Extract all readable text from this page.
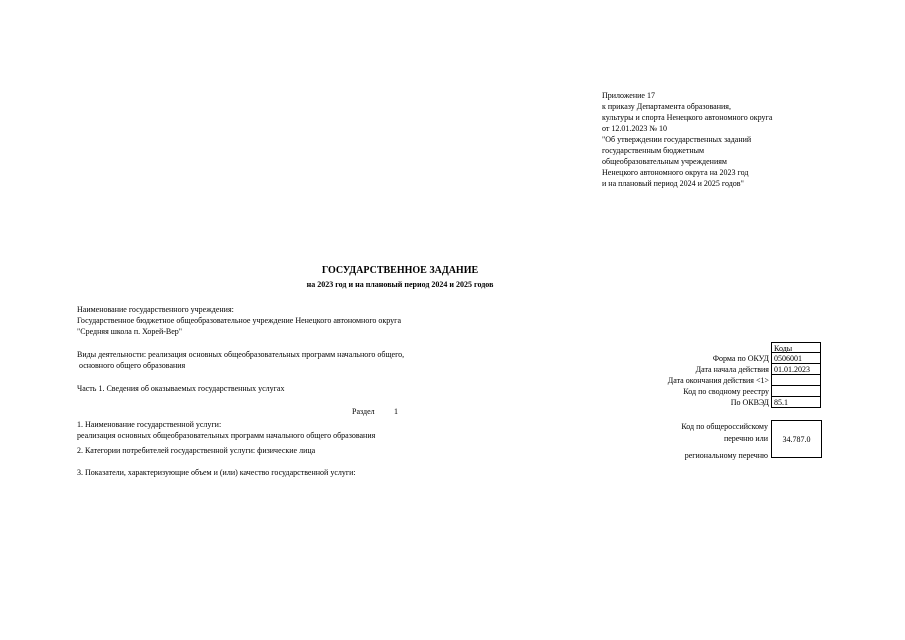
Приложение 17
к приказу Департамента образования,
культуры и спорта Ненецкого автономного округа
от 12.01.2023 № 10
"Об утверждении государственных заданий
государственным бюджетным
общеобразовательным учреждениям
Ненецкого автономного округа на 2023 год
и на плановый период 2024 и 2025 годов"
ГОСУДАРСТВЕННОЕ ЗАДАНИЕ
на 2023 год и на плановый период 2024 и 2025 годов
Наименование государственного учреждения:
Государственное бюджетное общеобразовательное учреждение Ненецкого автономного округа
"Средняя школа п. Хорей-Вер"
Виды деятельности: реализация основных общеобразовательных программ начального общего,
основного общего образования
Часть 1. Сведения об оказываемых государственных услугах
Раздел 1
1. Наименование государственной услуги:
реализация основных общеобразовательных программ начального общего образования
2. Категории потребителей государственной услуги: физические лица
3. Показатели, характеризующие объем и (или) качество государственной услуги:
Коды
Форма по ОКУД 0506001
Дата начала действия 01.01.2023
Дата окончания действия <1>
Код по сводному реестру
По ОКВЭД 85.1
Код по общероссийскому
перечню или
региональному перечню
34.787.0
